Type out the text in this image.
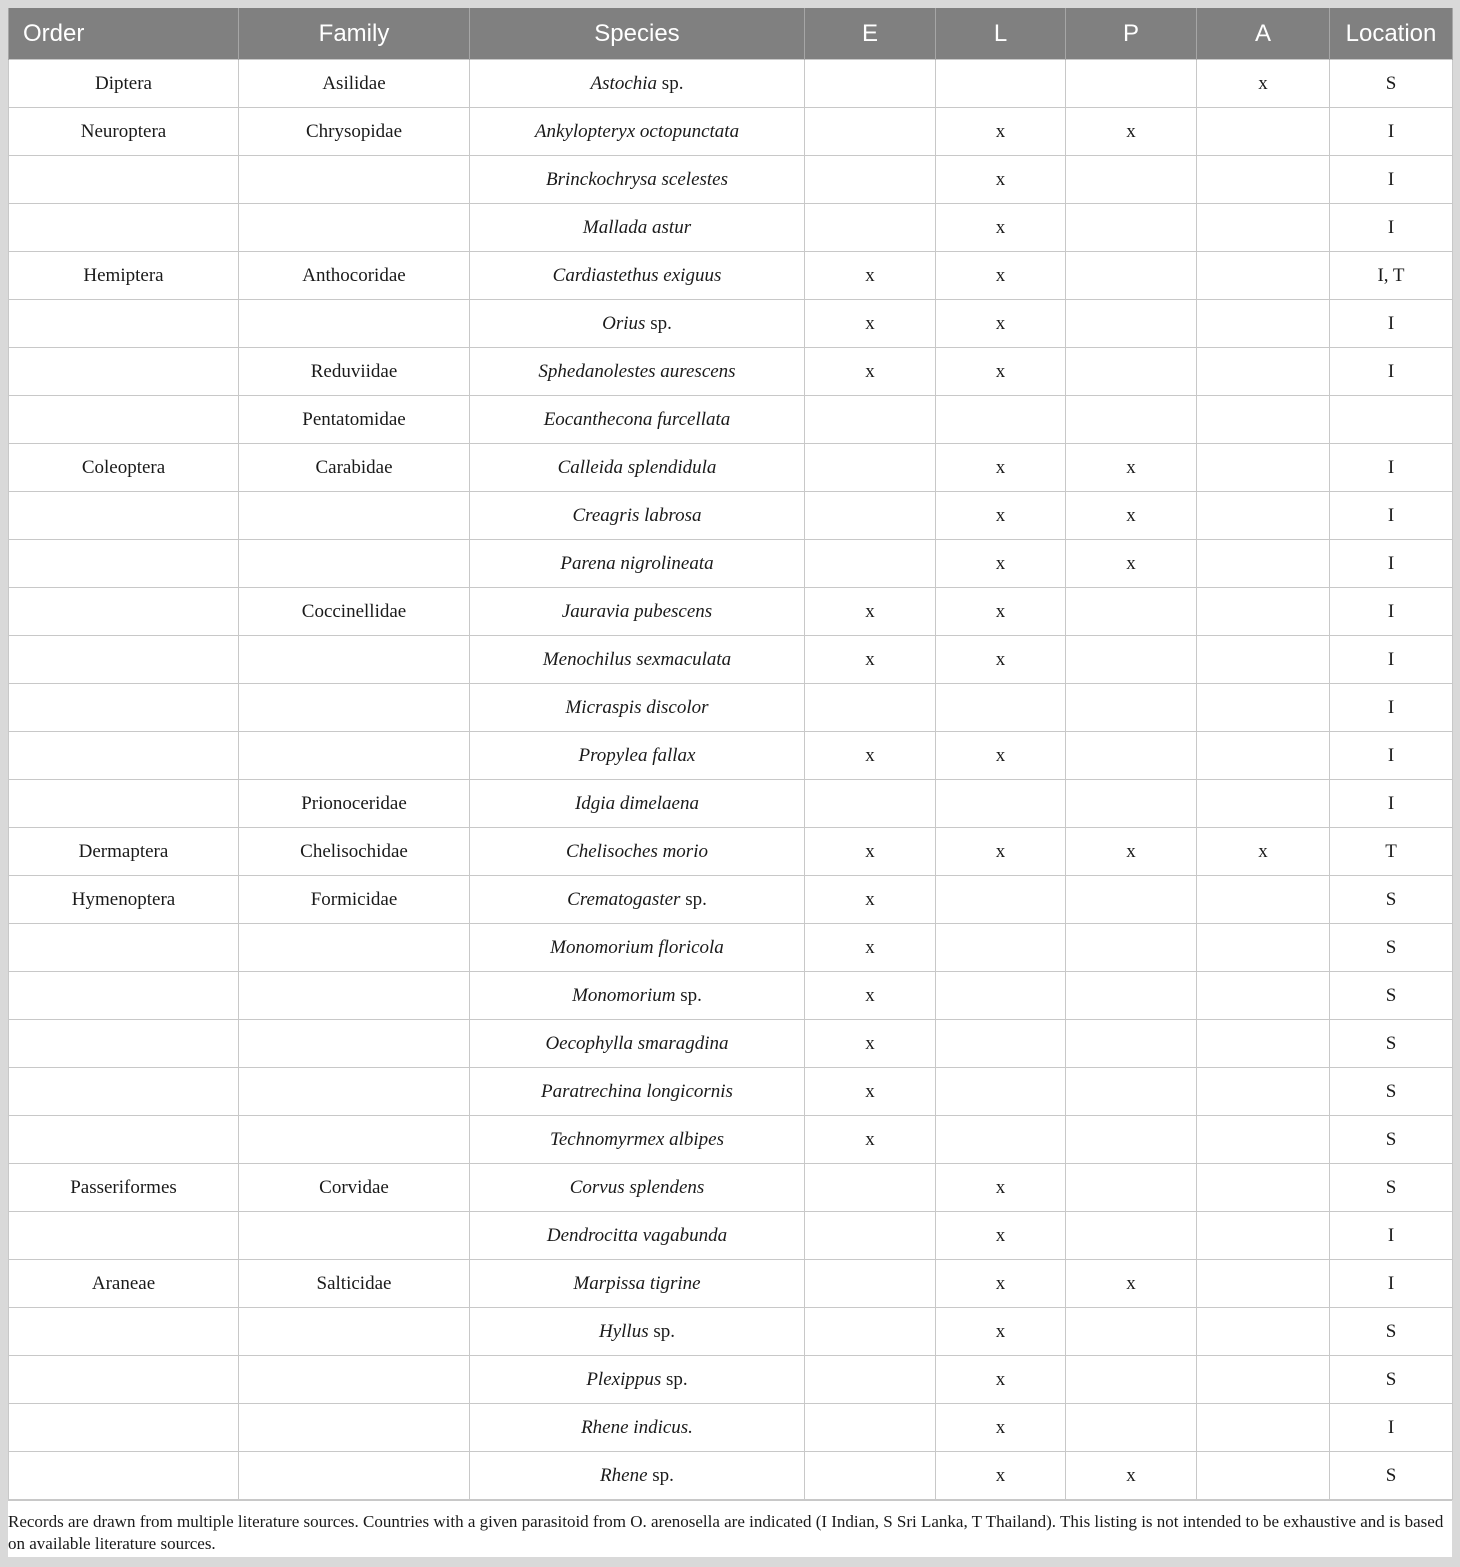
Order	Family	Species	E	L	P	A	Location
Diptera	Asilidae	Astochia sp.				x	S
Neuroptera	Chrysopidae	Ankylopteryx octopunctata		x	x		I
		Brinckochrysa scelestes		x			I
		Mallada astur		x			I
Hemiptera	Anthocoridae	Cardiastethus exiguus	x	x			I, T
		Orius sp.	x	x			I
	Reduviidae	Sphedanolestes aurescens	x	x			I
	Pentatomidae	Eocanthecona furcellata					
Coleoptera	Carabidae	Calleida splendidula		x	x		I
		Creagris labrosa		x	x		I
		Parena nigrolineata		x	x		I
	Coccinellidae	Jauravia pubescens	x	x			I
		Menochilus sexmaculata	x	x			I
		Micraspis discolor					I
		Propylea fallax	x	x			I
	Prionoceridae	Idgia dimelaena					I
Dermaptera	Chelisochidae	Chelisoches morio	x	x	x	x	T
Hymenoptera	Formicidae	Crematogaster sp.	x				S
		Monomorium floricola	x				S
		Monomorium sp.	x				S
		Oecophylla smaragdina	x				S
		Paratrechina longicornis	x				S
		Technomyrmex albipes	x				S
Passeriformes	Corvidae	Corvus splendens		x			S
		Dendrocitta vagabunda		x			I
Araneae	Salticidae	Marpissa tigrine		x	x		I
		Hyllus sp.		x			S
		Plexippus sp.		x			S
		Rhene indicus.		x			I
		Rhene sp.		x	x		S
Records are drawn from multiple literature sources. Countries with a given parasitoid from O. arenosella are indicated (I Indian, S Sri Lanka, T Thailand). This listing is not intended to be exhaustive and is based on available literature sources.
